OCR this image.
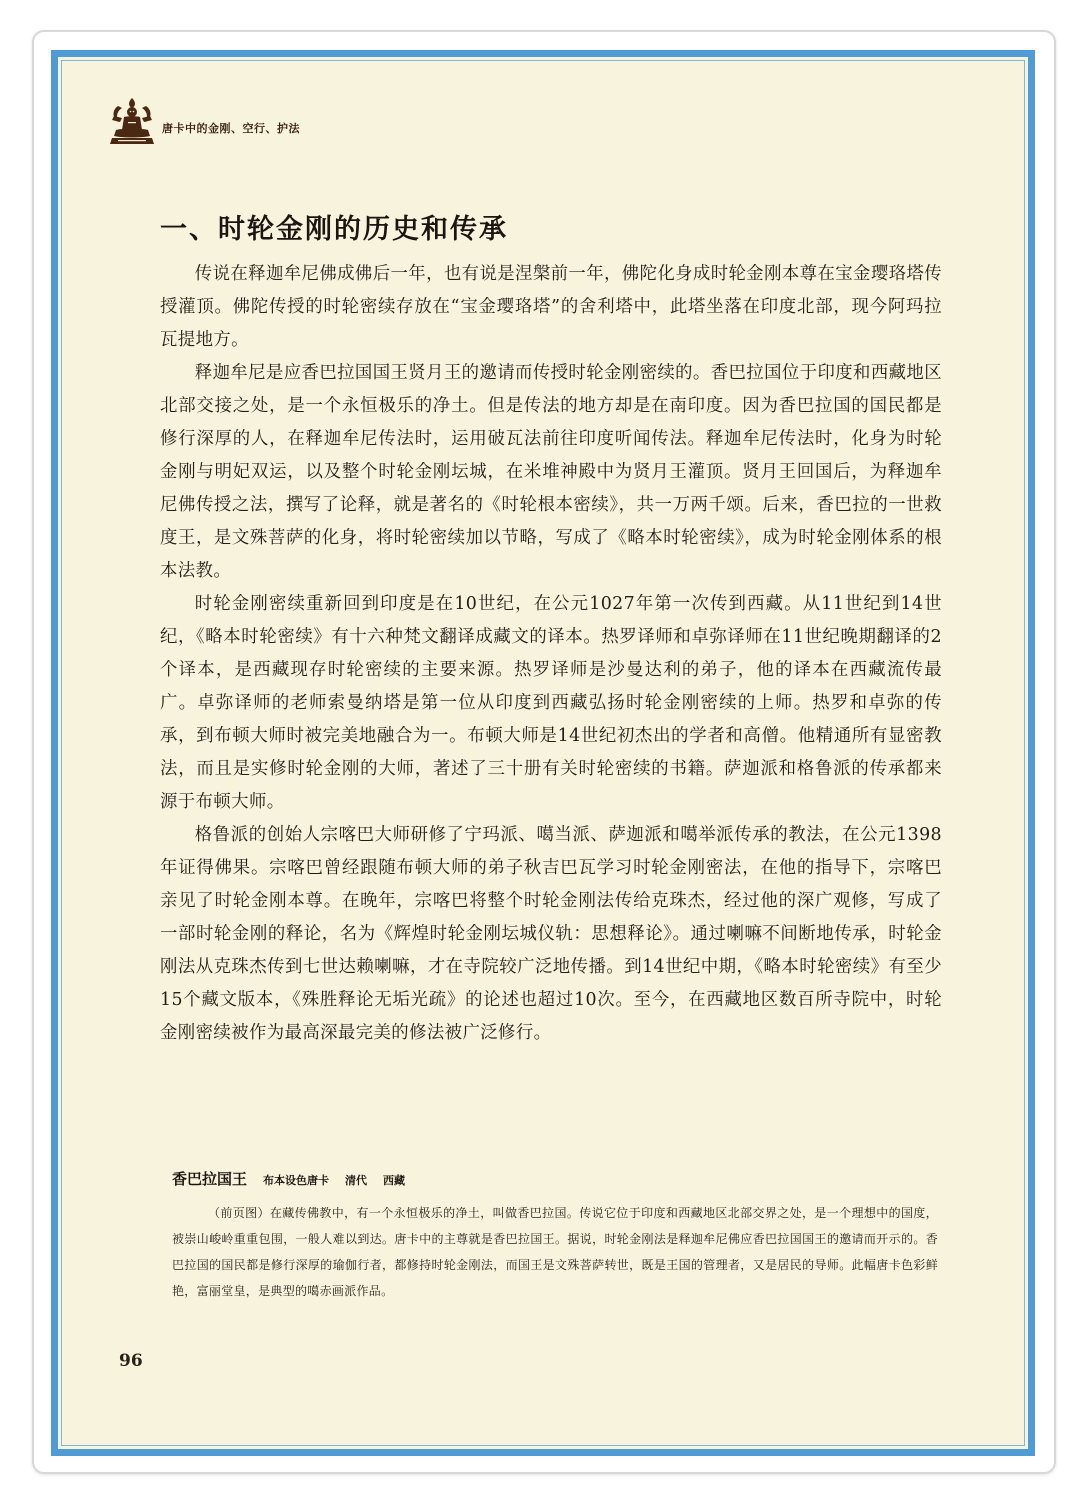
唐卡中的金刚、空行、护法
一、时轮金刚的历史和传承

传说在释迦牟尼佛成佛后一年，也有说是涅槃前一年，佛陀化身成时轮金刚本尊在宝金璎珞塔传授灌顶。佛陀传授的时轮密续存放在“宝金璎珞塔”的舍利塔中，此塔坐落在印度北部，现今阿玛拉瓦提地方。

释迦牟尼是应香巴拉国国王贤月王的邀请而传授时轮金刚密续的。香巴拉国位于印度和西藏地区北部交接之处，是一个永恒极乐的净土。但是传法的地方却是在南印度。因为香巴拉国的国民都是修行深厚的人，在释迦牟尼传法时，运用破瓦法前往印度听闻传法。释迦牟尼传法时，化身为时轮金刚与明妃双运，以及整个时轮金刚坛城，在米堆神殿中为贤月王灌顶。贤月王回国后，为释迦牟尼佛传授之法，撰写了论释，就是著名的《时轮根本密续》，共一万两千颂。后来，香巴拉的一世救度王，是文殊菩萨的化身，将时轮密续加以节略，写成了《略本时轮密续》，成为时轮金刚体系的根本法教。

时轮金刚密续重新回到印度是在10世纪，在公元1027年第一次传到西藏。从11世纪到14世纪，《略本时轮密续》有十六种梵文翻译成藏文的译本。热罗译师和卓弥译师在11世纪晚期翻译的2个译本，是西藏现存时轮密续的主要来源。热罗译师是沙曼达利的弟子，他的译本在西藏流传最广。卓弥译师的老师索曼纳塔是第一位从印度到西藏弘扬时轮金刚密续的上师。热罗和卓弥的传承，到布顿大师时被完美地融合为一。布顿大师是14世纪初杰出的学者和高僧。他精通所有显密教法，而且是实修时轮金刚的大师，著述了三十册有关时轮密续的书籍。萨迦派和格鲁派的传承都来源于布顿大师。

格鲁派的创始人宗喀巴大师研修了宁玛派、噶当派、萨迦派和噶举派传承的教法，在公元1398年证得佛果。宗喀巴曾经跟随布顿大师的弟子秋吉巴瓦学习时轮金刚密法，在他的指导下，宗喀巴亲见了时轮金刚本尊。在晚年，宗喀巴将整个时轮金刚法传给克珠杰，经过他的深广观修，写成了一部时轮金刚的释论，名为《辉煌时轮金刚坛城仪轨：思想释论》。通过喇嘛不间断地传承，时轮金刚法从克珠杰传到七世达赖喇嘛，才在寺院较广泛地传播。到14世纪中期，《略本时轮密续》有至少15个藏文版本，《殊胜释论无垢光疏》的论述也超过10次。至今，在西藏地区数百所寺院中，时轮金刚密续被作为最高深最完美的修法被广泛修行。

香巴拉国王 布本设色唐卡 清代 西藏

（前页图）在藏传佛教中，有一个永恒极乐的净土，叫做香巴拉国。传说它位于印度和西藏地区北部交界之处，是一个理想中的国度，被崇山峻岭重重包围，一般人难以到达。唐卡中的主尊就是香巴拉国王。据说，时轮金刚法是释迦牟尼佛应香巴拉国国王的邀请而开示的。香巴拉国的国民都是修行深厚的瑜伽行者，都修持时轮金刚法，而国王是文殊菩萨转世，既是王国的管理者，又是居民的导师。此幅唐卡色彩鲜艳，富丽堂皇，是典型的噶赤画派作品。

96
